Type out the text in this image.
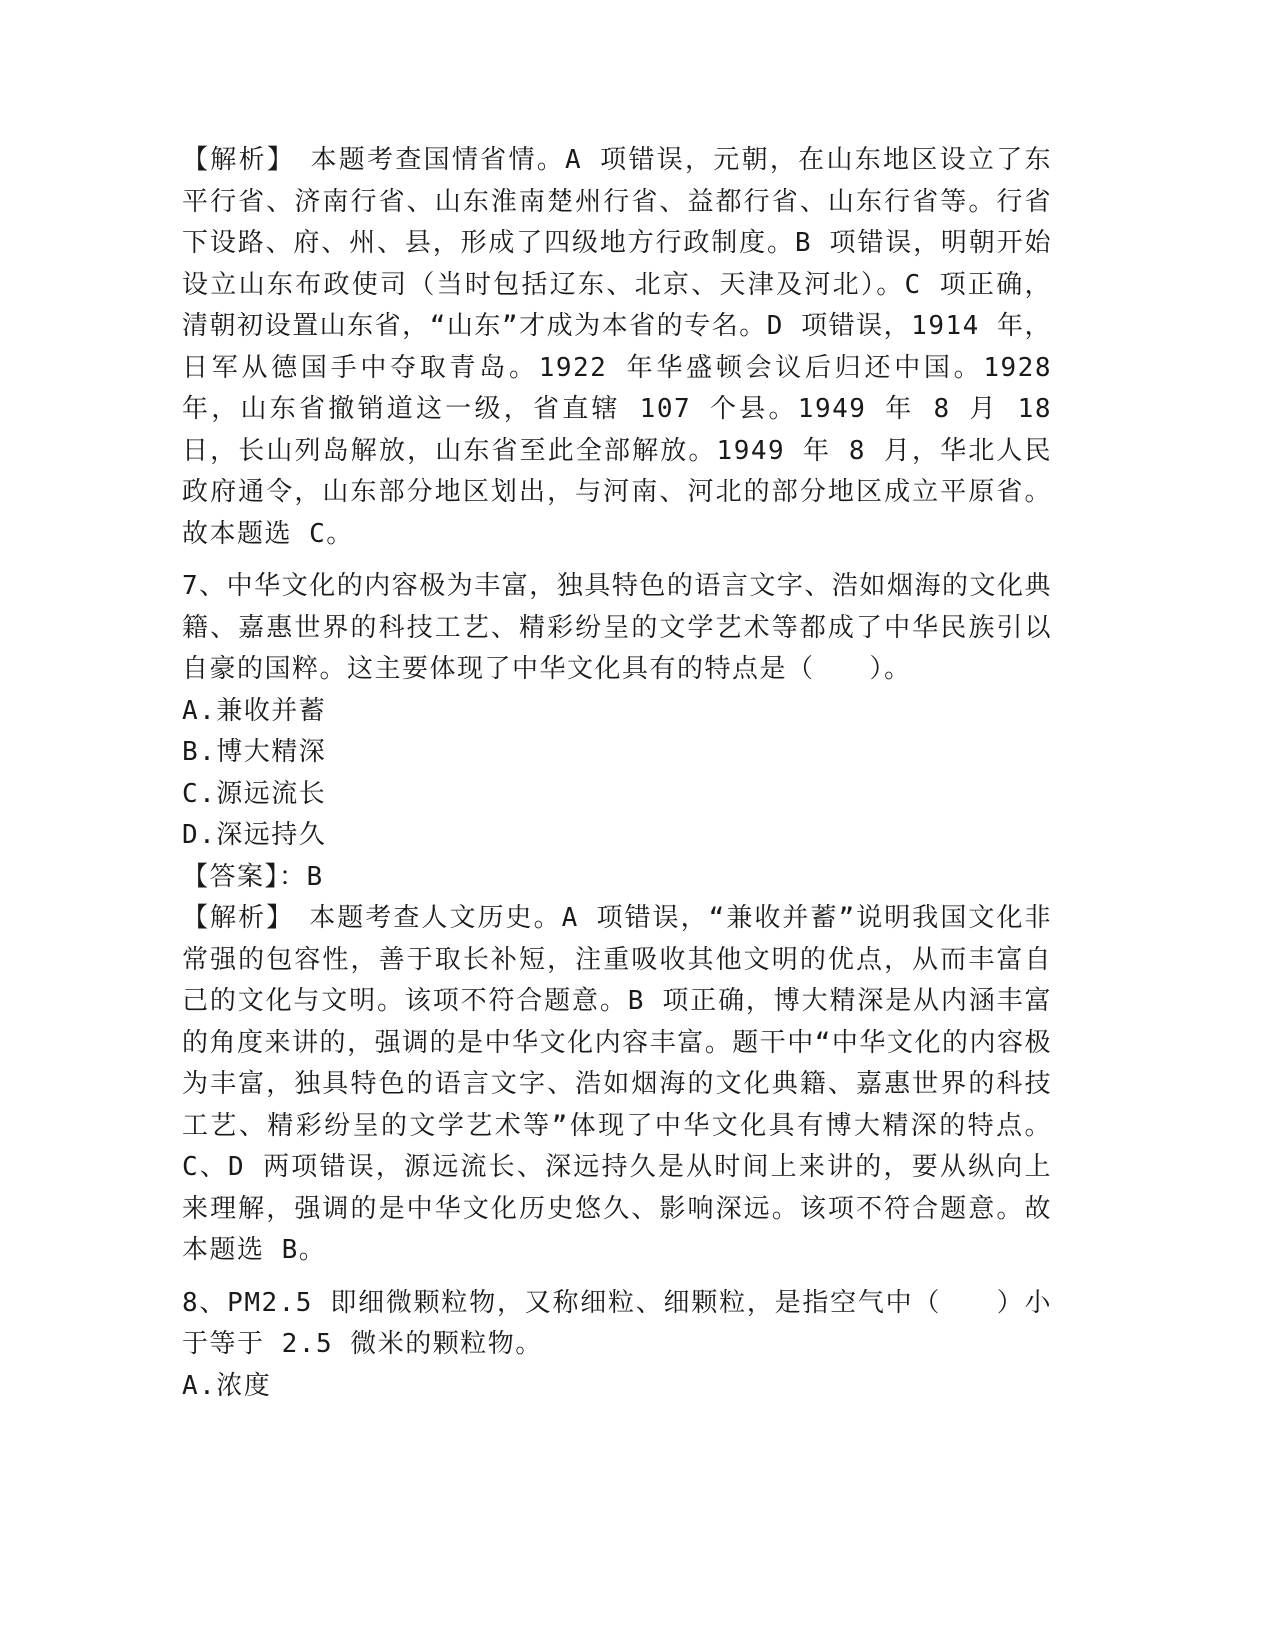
【解析】　本题考查国情省情。A 项错误，元朝，在山东地区设立了东平行省、济南行省、山东淮南楚州行省、益都行省、山东行省等。行省下设路、府、州、县，形成了四级地方行政制度。B 项错误，明朝开始设立山东布政使司（当时包括辽东、北京、天津及河北）。C 项正确，清朝初设置山东省，“山东”才成为本省的专名。D 项错误，1914 年，日军从德国手中夺取青岛。1922 年华盛顿会议后归还中国。1928 年，山东省撤销道这一级，省直辖 107 个县。1949 年 8 月 18 日，长山列岛解放，山东省至此全部解放。1949 年 8 月，华北人民政府通令，山东部分地区划出，与河南、河北的部分地区成立平原省。故本题选 C。

7、中华文化的内容极为丰富，独具特色的语言文字、浩如烟海的文化典籍、嘉惠世界的科技工艺、精彩纷呈的文学艺术等都成了中华民族引以自豪的国粹。这主要体现了中华文化具有的特点是（　　）。

A.兼收并蓄

B.博大精深

C.源远流长

D.深远持久

【答案】：B

【解析】　本题考查人文历史。A 项错误，“兼收并蓄”说明我国文化非常强的包容性，善于取长补短，注重吸收其他文明的优点，从而丰富自己的文化与文明。该项不符合题意。B 项正确，博大精深是从内涵丰富的角度来讲的，强调的是中华文化内容丰富。题干中“中华文化的内容极为丰富，独具特色的语言文字、浩如烟海的文化典籍、嘉惠世界的科技工艺、精彩纷呈的文学艺术等”体现了中华文化具有博大精深的特点。C、D 两项错误，源远流长、深远持久是从时间上来讲的，要从纵向上来理解，强调的是中华文化历史悠久、影响深远。该项不符合题意。故本题选 B。

8、PM2.5 即细微颗粒物，又称细粒、细颗粒，是指空气中（　　）小于等于 2.5 微米的颗粒物。

A.浓度
